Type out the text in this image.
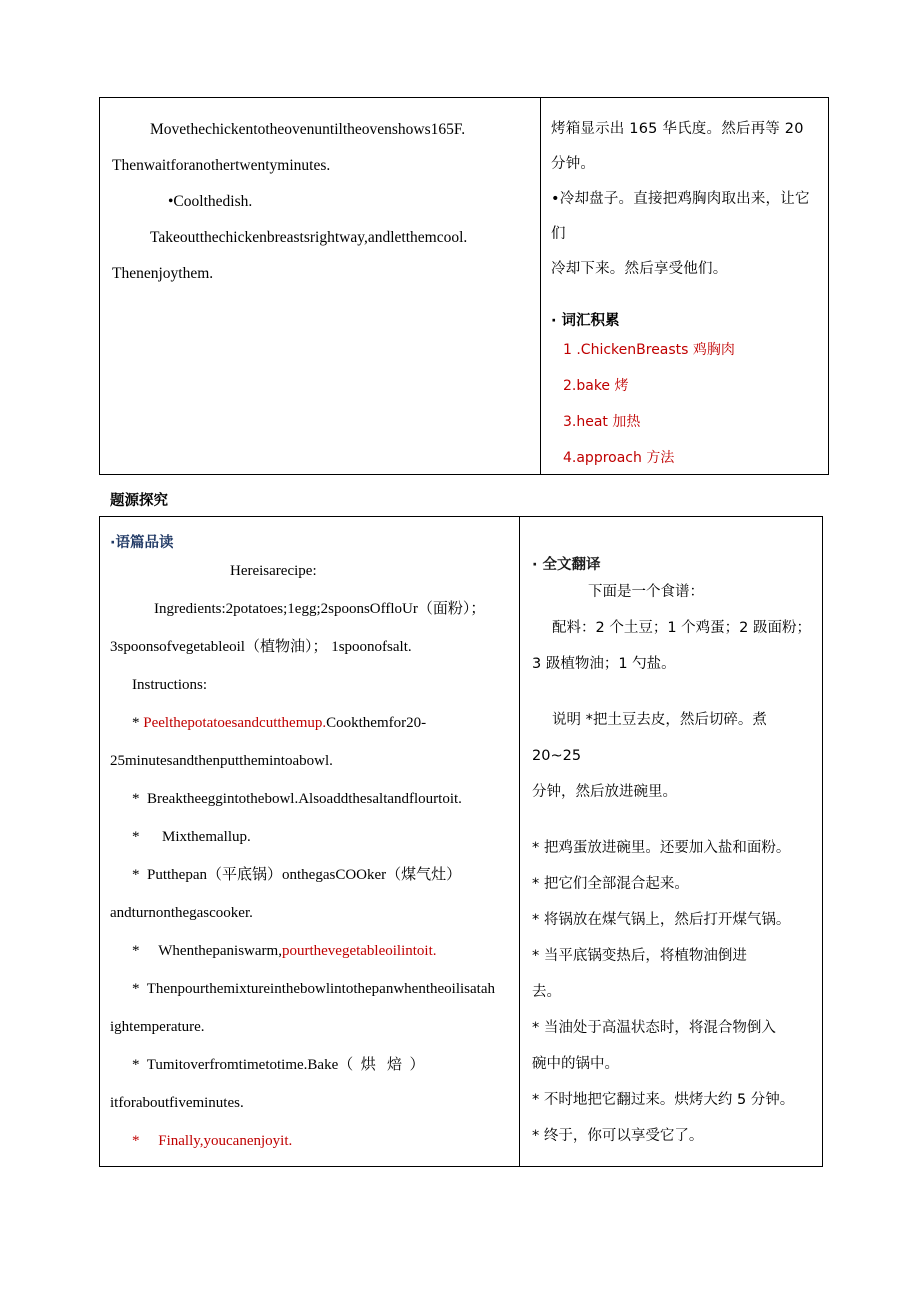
Movethechickentotheovenuntiltheovenshows165F.
Thenwaitforanothertwentyminutes.
•Coolthedish.
Takeoutthechickenbreastsrightway,andletthemcool.
Thenenjoythem.
烤箱显示出 165 华氏度。然后再等 20 分钟。
•冷却盘子。直接把鸡胸肉取出来，让它们
冷却下来。然后享受他们。
· 词汇积累
1 .ChickenBreasts 鸡胸肉
2.bake 烤
3.heat 加热
4.approach 方法
题源探究
·语篇品读
Hereisarecipe:
Ingredients:2potatoes;1egg;2spoonsOffloUr（面粉）；
3spoonsofvegetableoil（植物油）； 1spoonofsalt.
Instructions:
* Peelthepotatoesandcutthemup.Cookthemfor20-
25minutesandthenputthemintoabowl.
*  Breaktheeggintothebowl.Alsoaddthesaltandflourtoit.
*      Mixthemallup.
*  Putthepan（平底锅）onthegasCOOker（煤气灶）
andturnonthegascooker.
*     Whenthepaniswarm,pourthevegetableoilintoit.
*  Thenpourthemixtureinthebowlintothepanwhentheoilisatah
ightemperature.
*  Tumitoverfromtimetotime.Bake（  烘   焙  ）
itforaboutfiveminutes.
*     Finally,youcanenjoyit.
· 全文翻译
下面是一个食谱：
配料：2 个土豆；1 个鸡蛋；2 趿面粉；
3 趿植物油；1 勺盐。
说明 *把土豆去皮，然后切碎。煮 20~25
分钟，然后放进碗里。
* 把鸡蛋放进碗里。还要加入盐和面粉。
* 把它们全部混合起来。
* 将锅放在煤气锅上，然后打开煤气锅。
* 当平底锅变热后，将植物油倒进
去。
* 当油处于高温状态时，将混合物倒入
碗中的锅中。
* 不时地把它翻过来。烘烤大约 5 分钟。
* 终于，你可以享受它了。
